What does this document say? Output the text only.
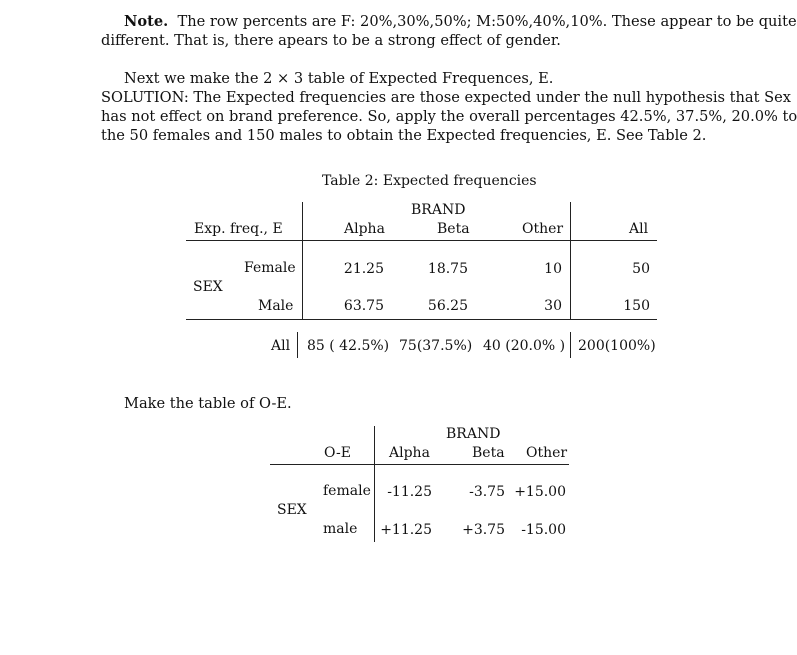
Note. The row percents are F: 20%,30%,50%; M:50%,40%,10%. These appear to be quite
different. That is, there apears to be a strong effect of gender.
Next we make the 2 × 3 table of Expected Frequences, E.
SOLUTION: The Expected frequencies are those expected under the null hypothesis that Sex
has not effect on brand preference. So, apply the overall percentages 42.5%, 37.5%, 20.0% to
the 50 females and 150 males to obtain the Expected frequencies, E. See Table 2.
Table 2: Expected frequencies
BRAND
Exp. freq., E	Alpha	Beta	Other	All
Female	21.25	18.75	10	50
SEX
Male	63.75	56.25	30	150
All 85 ( 42.5%) 75(37.5%) 40 (20.0% ) 200(100%)
Make the table of O-E.
BRAND
O-E	Alpha	Beta Other
female	-11.25	-3.75 +15.00
SEX
male +11.25	+3.75	-15.00
